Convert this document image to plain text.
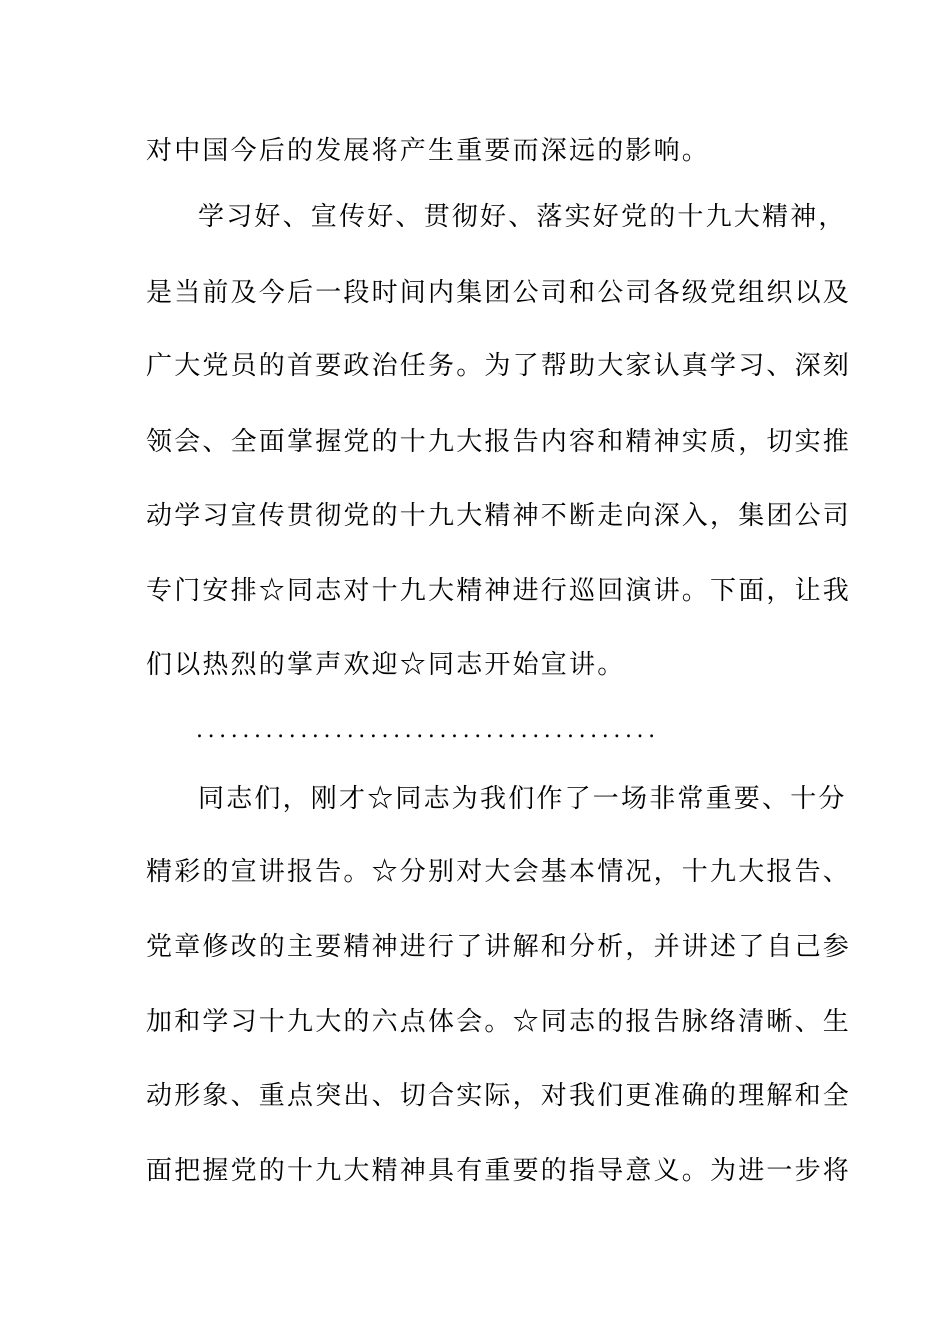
对中国今后的发展将产生重要而深远的影响。
学习好、宣传好、贯彻好、落实好党的十九大精神，
是当前及今后一段时间内集团公司和公司各级党组织以及
广大党员的首要政治任务。为了帮助大家认真学习、深刻
领会、全面掌握党的十九大报告内容和精神实质，切实推
动学习宣传贯彻党的十九大精神不断走向深入，集团公司
专门安排☆同志对十九大精神进行巡回演讲。下面，让我
们以热烈的掌声欢迎☆同志开始宣讲。
........................................
同志们，刚才☆同志为我们作了一场非常重要、十分
精彩的宣讲报告。☆分别对大会基本情况，十九大报告、
党章修改的主要精神进行了讲解和分析，并讲述了自己参
加和学习十九大的六点体会。☆同志的报告脉络清晰、生
动形象、重点突出、切合实际，对我们更准确的理解和全
面把握党的十九大精神具有重要的指导意义。为进一步将
